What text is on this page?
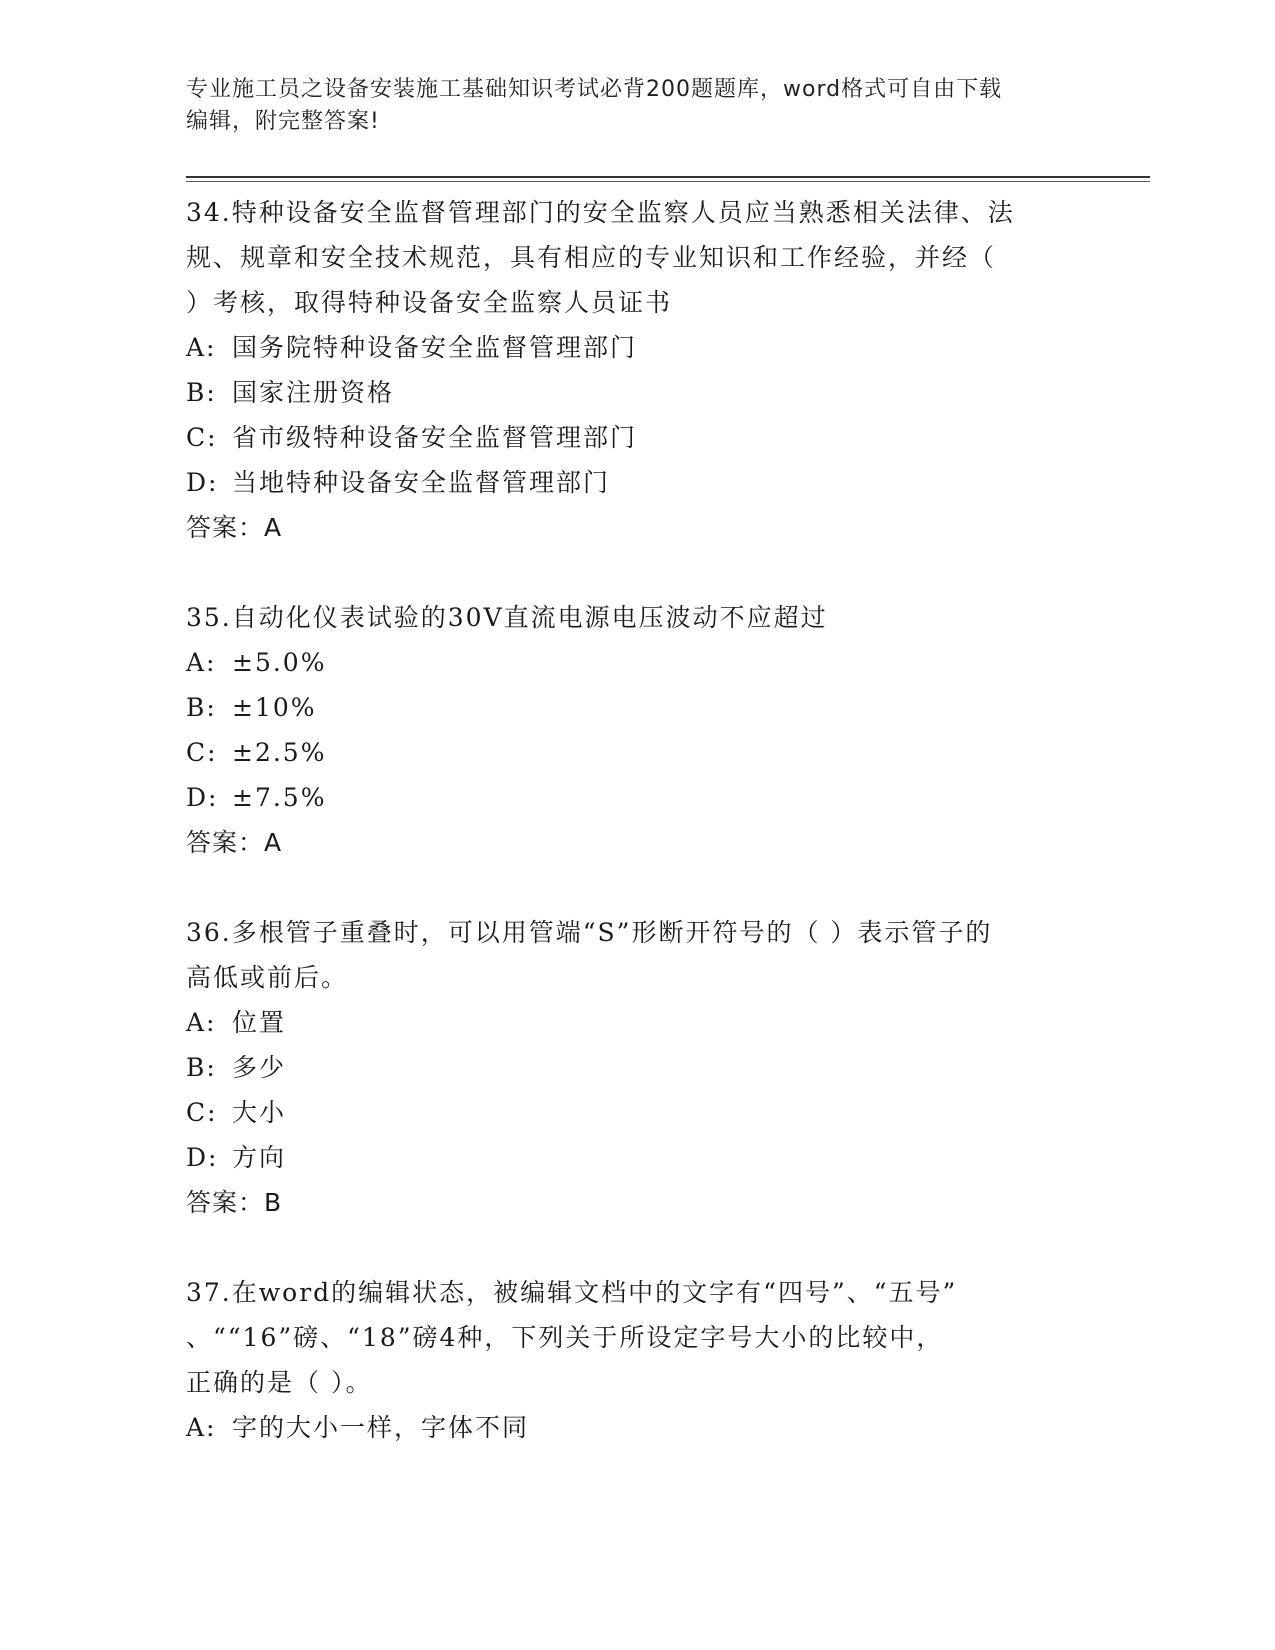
专业施工员之设备安装施工基础知识考试必背200题题库，word格式可自由下载
编辑，附完整答案!

34.特种设备安全监督管理部门的安全监察人员应当熟悉相关法律、法

规、规章和安全技术规范，具有相应的专业知识和工作经验，并经（

）考核，取得特种设备安全监察人员证书

A: 国务院特种设备安全监督管理部门

B: 国家注册资格

C: 省市级特种设备安全监督管理部门

D: 当地特种设备安全监督管理部门

答案：A

35.自动化仪表试验的30V直流电源电压波动不应超过

A: ±5.0%

B: ±10%

C: ±2.5%

D: ±7.5%

答案：A

36.多根管子重叠时，可以用管端“S”形断开符号的（ ）表示管子的

高低或前后。

A: 位置

B: 多少

C: 大小

D: 方向

答案：B

37.在word的编辑状态，被编辑文档中的文字有“四号”、“五号”

、““16”磅、“18”磅4种，下列关于所设定字号大小的比较中，

正确的是（ ）。

A: 字的大小一样，字体不同
